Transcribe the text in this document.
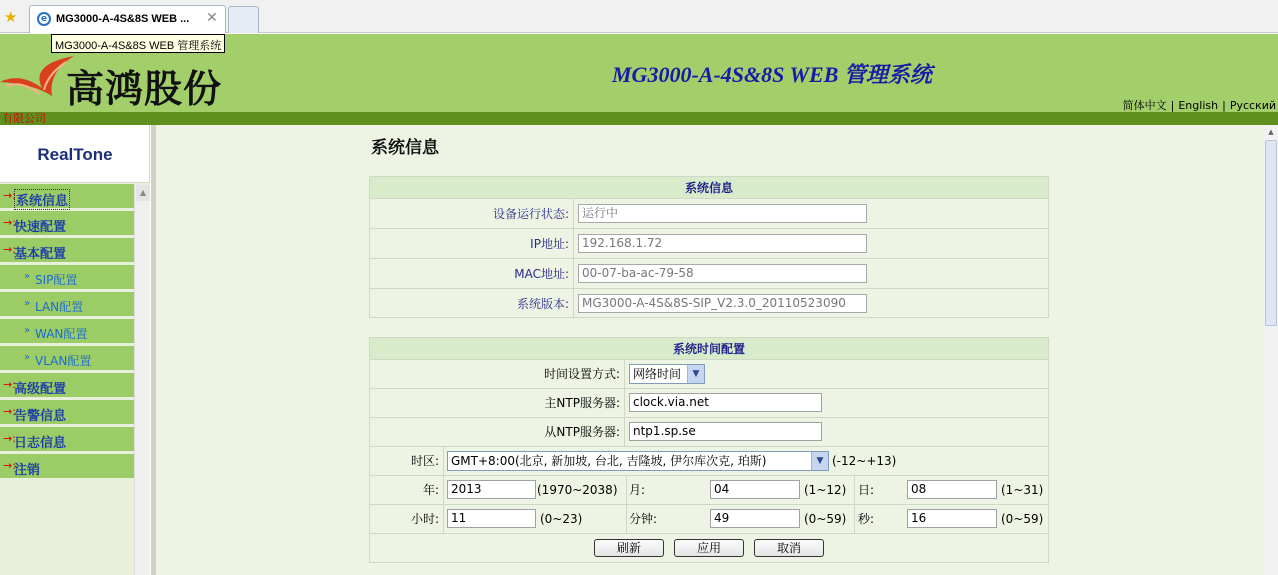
★	e MG3000-A-4S&8S WEB ... ✕
MG3000-A-4S&8S WEB 管理系统
高鸿股份	MG3000-A-4S&8S WEB 管理系统
简体中文 | English | Русский
有限公司
RealTone
→: 系统信息
→:
快速配置
→:
基本配置
» SIP配置
» LAN配置
» WAN配置
» VLAN配置
→:
高级配置
→:
告警信息
→:
日志信息
→:
注销
▲
系统信息
系统信息
设备运行状态:	运行中
IP地址:	192.168.1.72
MAC地址:	00-07-ba-ac-79-58
系统版本:	MG3000-A-4S&8S-SIP_V2.3.0_20110523090
系统时间配置
时间设置方式:	网络时间	▼
主NTP服务器:	clock.via.net
从NTP服务器:	ntp1.sp.se
时区:	GMT+8:00(北京, 新加坡, 台北, 吉隆坡, 伊尔库次克, 珀斯)	▼ (-12~+13)
年:	2013	(1970~2038) 月:	04	(1~12) 日:	08	(1~31)
小时:	11	(0~23)	分钟:	49	(0~59) 秒:	16	(0~59)
刷新	应用	取消
▲
